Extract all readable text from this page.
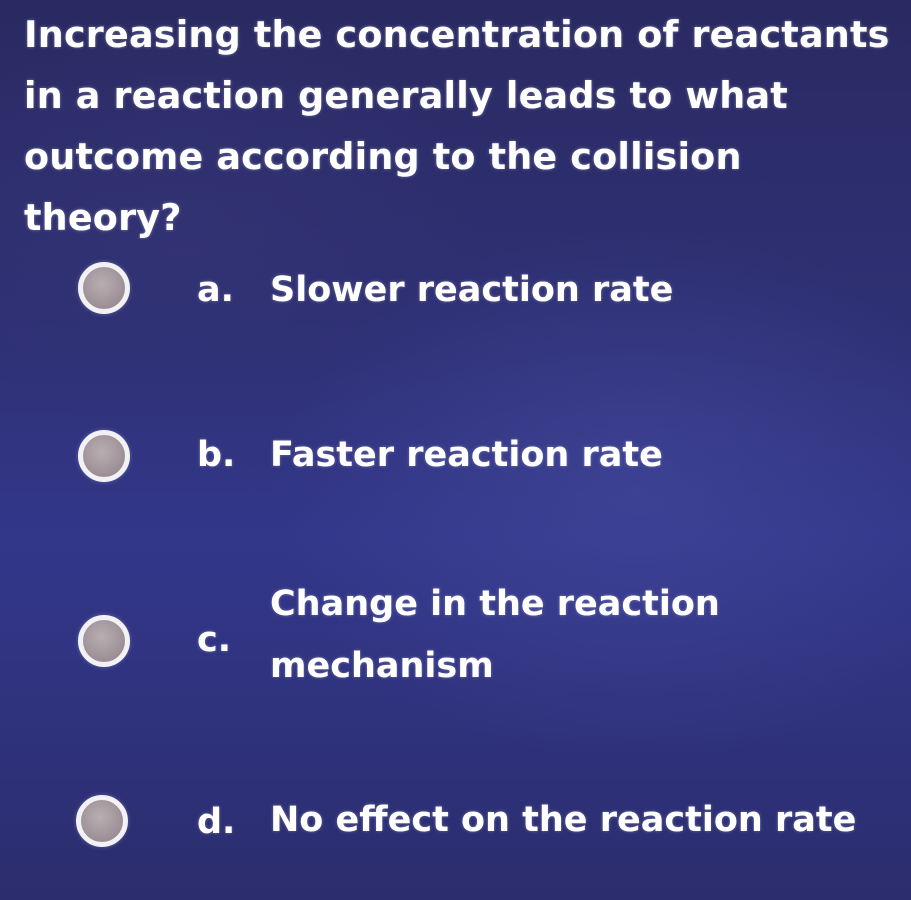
Increasing the concentration of reactants in a reaction generally leads to what outcome according to the collision theory?

a. Slower reaction rate
b. Faster reaction rate
c.
Change in the reaction mechanism
d. No effect on the reaction rate
